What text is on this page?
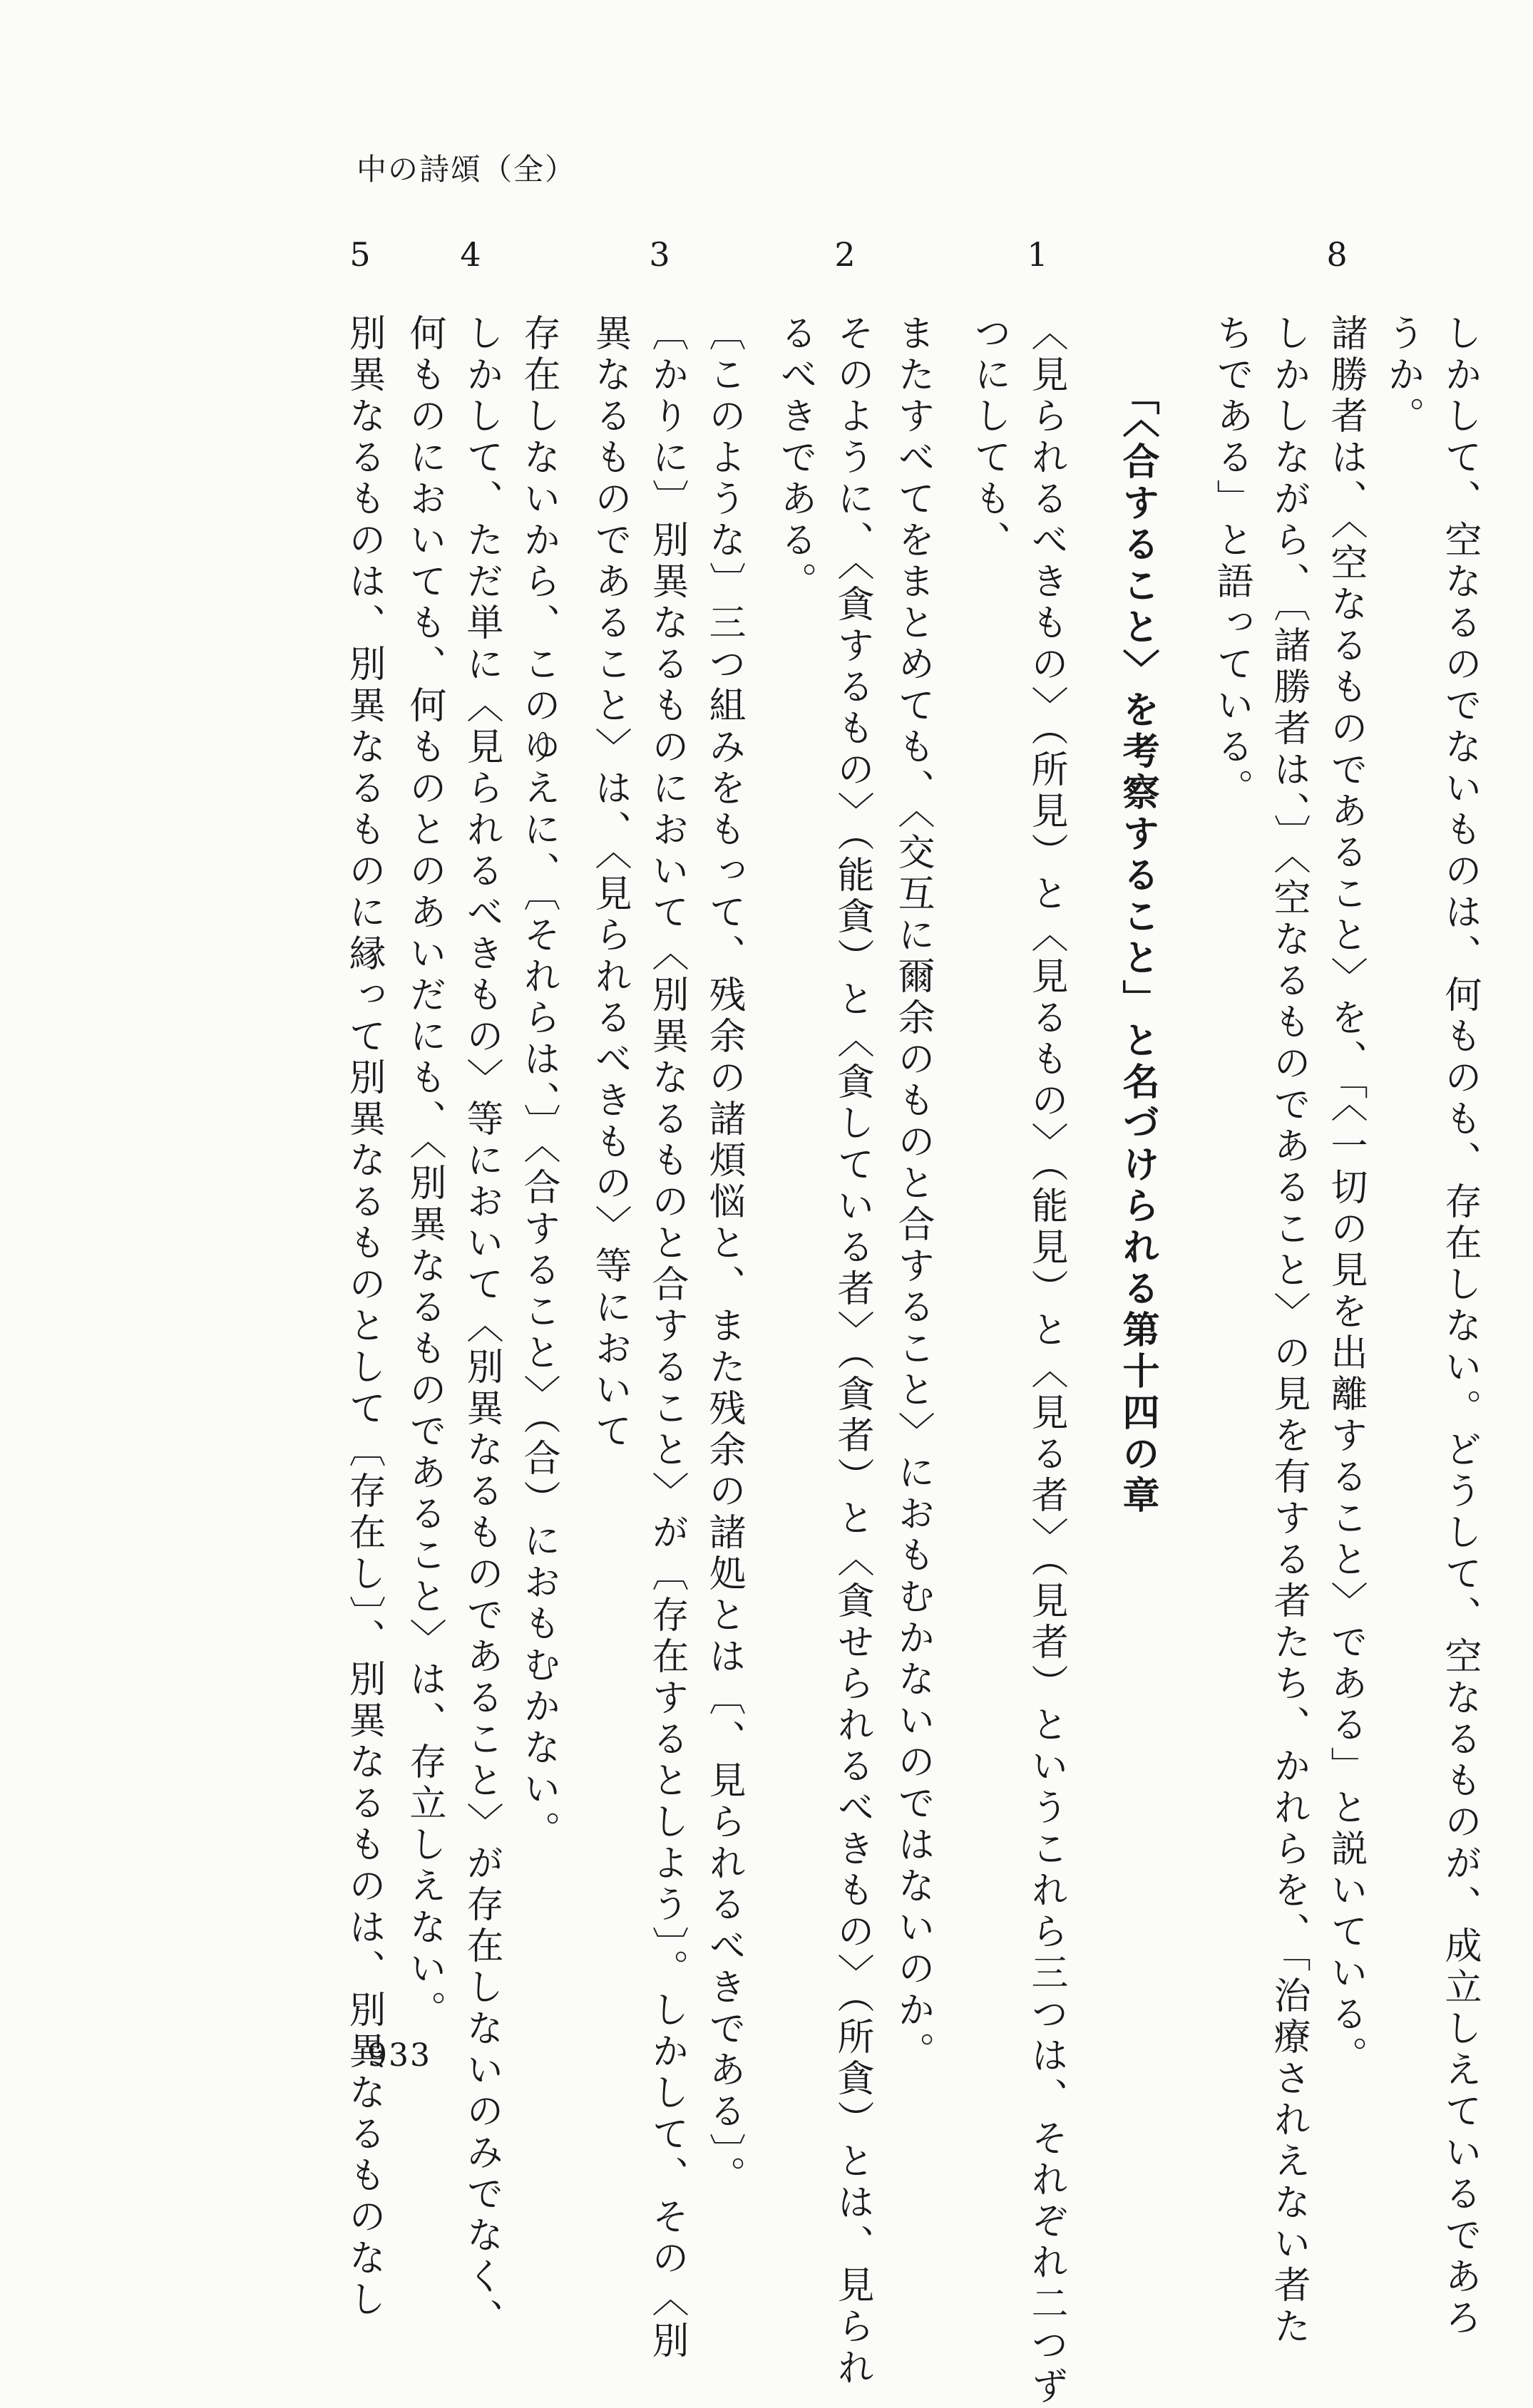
中の詩頌（全）
8
1
2
3
4
5
しかして、空なるのでないものは、何ものも、存在しない。どうして、空なるものが、成立しえているであろ
うか。
諸勝者は、〈空なるものであること〉を、「〈一切の見を出離すること〉である」と説いている。
しかしながら、〔諸勝者は、〕〈空なるものであること〉の見を有する者たち、かれらを、「治療されえない者た
ちである」と語っている。
「〈合すること〉を考察すること」と名づけられる第十四の章
〈見られるべきもの〉（所見）と〈見るもの〉（能見）と〈見る者〉（見者）というこれら三つは、それぞれ二つず
つにしても、
またすべてをまとめても、〈交互に爾余のものと合すること〉におもむかないのではないのか。
そのように、〈貪するもの〉（能貪）と〈貪している者〉（貪者）と〈貪せられるべきもの〉（所貪）とは、見られ
るべきである。
〔このような〕三つ組みをもって、残余の諸煩悩と、また残余の諸処とは〔、見られるべきである〕。
〔かりに〕別異なるものにおいて〈別異なるものと合すること〉が〔存在するとしよう〕。しかして、その〈別
異なるものであること〉は、〈見られるべきもの〉等において
存在しないから、このゆえに、〔それらは、〕〈合すること〉（合）におもむかない。
しかして、ただ単に〈見られるべきもの〉等において〈別異なるものであること〉が存在しないのみでなく、
何ものにおいても、何ものとのあいだにも、〈別異なるものであること〉は、存立しえない。
別異なるものは、別異なるものに縁って別異なるものとして〔存在し〕、別異なるものは、別異なるものなし
933
